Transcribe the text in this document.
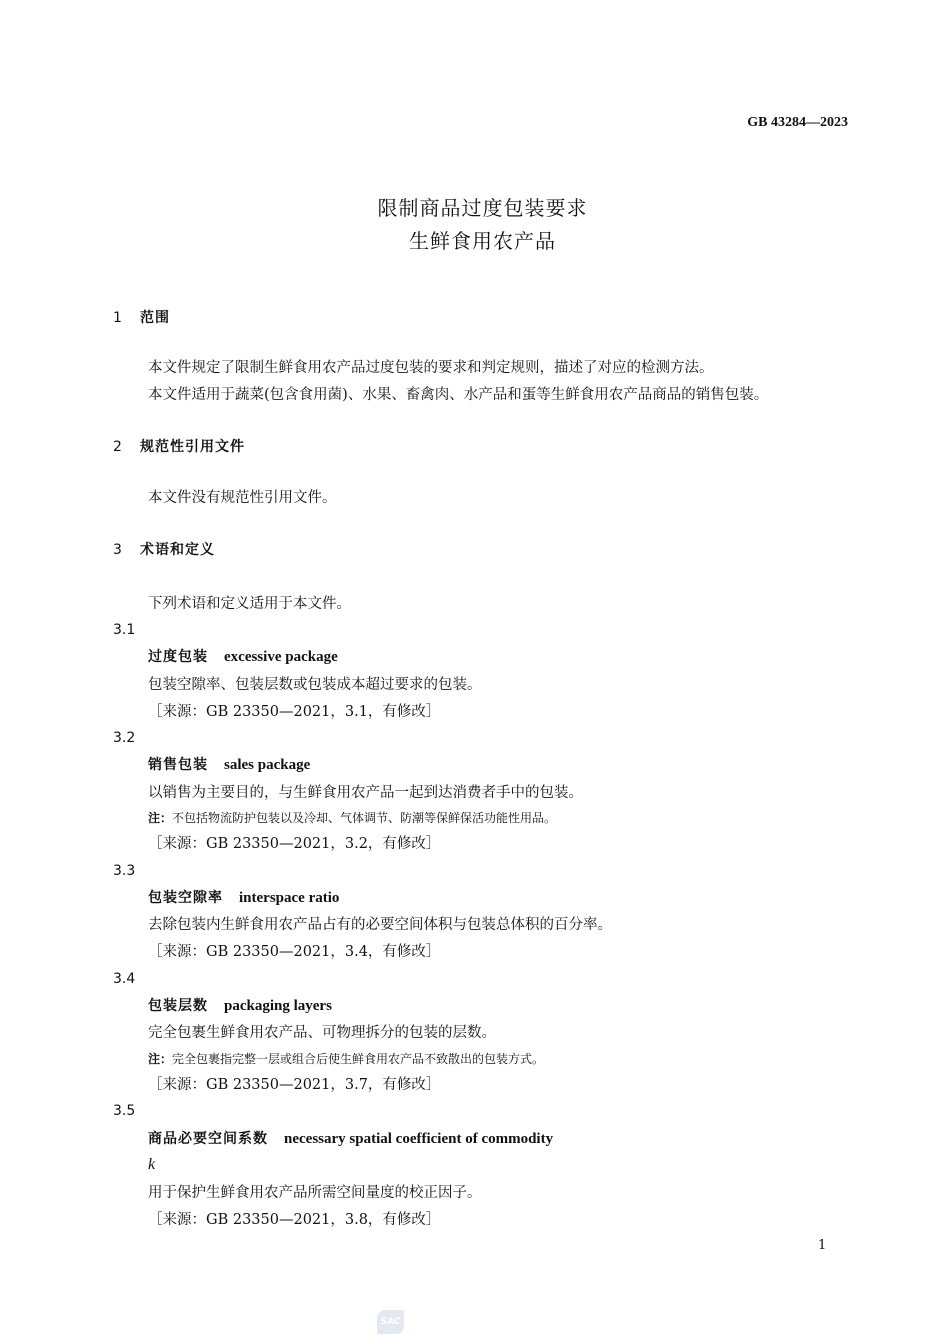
GB 43284—2023
限制商品过度包装要求
生鲜食用农产品
1 范围
本文件规定了限制生鲜食用农产品过度包装的要求和判定规则，描述了对应的检测方法。
本文件适用于蔬菜(包含食用菌)、水果、畜禽肉、水产品和蛋等生鲜食用农产品商品的销售包装。
2 规范性引用文件
本文件没有规范性引用文件。
3 术语和定义
下列术语和定义适用于本文件。
3.1
过度包装 excessive package
包装空隙率、包装层数或包装成本超过要求的包装。
［来源：GB 23350—2021，3.1，有修改］
3.2
销售包装 sales package
以销售为主要目的，与生鲜食用农产品一起到达消费者手中的包装。
注：不包括物流防护包装以及冷却、气体调节、防潮等保鲜保活功能性用品。
［来源：GB 23350—2021，3.2，有修改］
3.3
包装空隙率 interspace ratio
去除包装内生鲜食用农产品占有的必要空间体积与包装总体积的百分率。
［来源：GB 23350—2021，3.4，有修改］
3.4
包装层数 packaging layers
完全包裹生鲜食用农产品、可物理拆分的包装的层数。
注：完全包裹指完整一层或组合后使生鲜食用农产品不致散出的包装方式。
［来源：GB 23350—2021，3.7，有修改］
3.5
商品必要空间系数 necessary spatial coefficient of commodity
k
用于保护生鲜食用农产品所需空间量度的校正因子。
［来源：GB 23350—2021，3.8，有修改］
1
SAC
